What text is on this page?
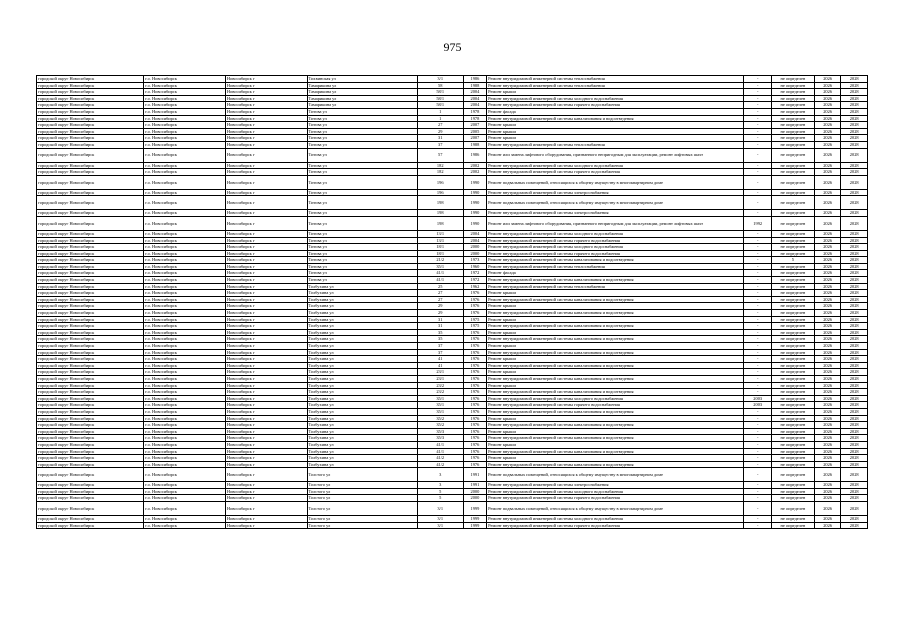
975
городской округ Новосибирск	г.о. Новосибирск	Новосибирск г	Тихвинская ул	3/1	1986	Ремонт внутридомовой инженерной системы теплоснабжения	-	не определен	2026	2028
городской округ Новосибирск	г.о. Новосибирск	Новосибирск г	Тамарикина ул	58	1988	Ремонт внутридомовой инженерной системы теплоснабжения	-	не определен	2026	2028
городской округ Новосибирск	г.о. Новосибирск	Новосибирск г	Тамарикина ул	58/1	2004	Ремонт крыши	-	не определен	2026	2028
городской округ Новосибирск	г.о. Новосибирск	Новосибирск г	Тамарикина ул	58/1	2004	Ремонт внутридомовой инженерной системы холодного водоснабжения	-	не определен	2026	2028
городской округ Новосибирск	г.о. Новосибирск	Новосибирск г	Тамарикина ул	58/1	2004	Ремонт внутридомовой инженерной системы горячего водоснабжения	-	не определен	2026	2028
городской округ Новосибирск	г.о. Новосибирск	Новосибирск г	Титова ул	1	1978	Ремонт фасада	-	не определен	2026	2028
городской округ Новосибирск	г.о. Новосибирск	Новосибирск г	Титова ул	1	1978	Ремонт внутридомовой инженерной системы канализования и водоотведения	-	не определен	2026	2028
городской округ Новосибирск	г.о. Новосибирск	Новосибирск г	Титова ул	27	2007	Ремонт крыши	-	не определен	2026	2028
городской округ Новосибирск	г.о. Новосибирск	Новосибирск г	Титова ул	29	2005	Ремонт крыши	-	не определен	2026	2028
городской округ Новосибирск	г.о. Новосибирск	Новосибирск г	Титова ул	31	2007	Ремонт крыши	-	не определен	2026	2028
городской округ Новосибирск	г.о. Новосибирск	Новосибирск г	Титова ул	37	1988	Ремонт внутридомовой инженерной системы теплоснабжения	-	не определен	2026	2028
городской округ Новосибирск	г.о. Новосибирск	Новосибирск г	Титова ул	57	1986	Ремонт или замена лифтового оборудования, признанного непригодным для эксплуатации, ремонт лифтовых шахт	-	не определен	2026	2028
городской округ Новосибирск	г.о. Новосибирск	Новосибирск г	Титова ул	182	2002	Ремонт внутридомовой инженерной системы холодного водоснабжения	-	не определен	2026	2028
городской округ Новосибирск	г.о. Новосибирск	Новосибирск г	Титова ул	182	2002	Ремонт внутридомовой инженерной системы горячего водоснабжения	-	не определен	2026	2028
городской округ Новосибирск	г.о. Новосибирск	Новосибирск г	Титова ул	196	1990	Ремонт подвальных помещений, относящихся к общему имуществу в многоквартирном доме	-	не определен	2026	2028
городской округ Новосибирск	г.о. Новосибирск	Новосибирск г	Титова ул	196	1990	Ремонт внутридомовой инженерной системы электроснабжения	-	не определен	2026	2028
городской округ Новосибирск	г.о. Новосибирск	Новосибирск г	Титова ул	198	1990	Ремонт подвальных помещений, относящихся к общему имуществу в многоквартирном доме	-	не определен	2026	2028
городской округ Новосибирск	г.о. Новосибирск	Новосибирск г	Титова ул	198	1990	Ремонт внутридомовой инженерной системы электроснабжения	-	не определен	2026	2028
городской округ Новосибирск	г.о. Новосибирск	Новосибирск г	Титова ул	198	1990	Ремонт или замена лифтового оборудования, признанного непригодным для эксплуатации, ремонт лифтовых шахт	1992	не определен	2026	2028
городской округ Новосибирск	г.о. Новосибирск	Новосибирск г	Титова ул	13/1	2004	Ремонт внутридомовой инженерной системы холодного водоснабжения	-	не определен	2026	2028
городской округ Новосибирск	г.о. Новосибирск	Новосибирск г	Титова ул	13/1	2004	Ремонт внутридомовой инженерной системы горячего водоснабжения	-	не определен	2026	2028
городской округ Новосибирск	г.о. Новосибирск	Новосибирск г	Титова ул	18/1	2000	Ремонт внутридомовой инженерной системы холодного водоснабжения	-	не определен	2026	2028
городской округ Новосибирск	г.о. Новосибирск	Новосибирск г	Титова ул	18/1	2000	Ремонт внутридомовой инженерной системы горячего водоснабжения	-	не определен	2026	2028
городской округ Новосибирск	г.о. Новосибирск	Новосибирск г	Титова ул	21/2	1973	Ремонт внутридомовой инженерной системы канализования и водоотведения	-	5	2026	2028
городской округ Новосибирск	г.о. Новосибирск	Новосибирск г	Титова ул	35/1	1960	Ремонт внутридомовой инженерной системы теплоснабжения	-	не определен	2026	2028
городской округ Новосибирск	г.о. Новосибирск	Новосибирск г	Титова ул	41/1	1972	Ремонт фасада	-	не определен	2026	2028
городской округ Новосибирск	г.о. Новосибирск	Новосибирск г	Титова ул	41/1	1972	Ремонт внутридомовой инженерной системы канализования и водоотведения	-	не определен	2026	2028
городской округ Новосибирск	г.о. Новосибирск	Новосибирск г	Толбухина ул	25	1962	Ремонт внутридомовой инженерной системы теплоснабжения	-	не определен	2026	2028
городской округ Новосибирск	г.о. Новосибирск	Новосибирск г	Толбухина ул	27	1976	Ремонт крыши	-	не определен	2026	2028
городской округ Новосибирск	г.о. Новосибирск	Новосибирск г	Толбухина ул	27	1976	Ремонт внутридомовой инженерной системы канализования и водоотведения	-	не определен	2026	2028
городской округ Новосибирск	г.о. Новосибирск	Новосибирск г	Толбухина ул	29	1976	Ремонт крыши	-	не определен	2026	2028
городской округ Новосибирск	г.о. Новосибирск	Новосибирск г	Толбухина ул	29	1976	Ремонт внутридомовой инженерной системы канализования и водоотведения	-	не определен	2026	2028
городской округ Новосибирск	г.о. Новосибирск	Новосибирск г	Толбухина ул	31	1975	Ремонт крыши	-	не определен	2026	2028
городской округ Новосибирск	г.о. Новосибирск	Новосибирск г	Толбухина ул	31	1975	Ремонт внутридомовой инженерной системы канализования и водоотведения	-	не определен	2026	2028
городской округ Новосибирск	г.о. Новосибирск	Новосибирск г	Толбухина ул	35	1976	Ремонт крыши	-	не определен	2026	2028
городской округ Новосибирск	г.о. Новосибирск	Новосибирск г	Толбухина ул	35	1976	Ремонт внутридомовой инженерной системы канализования и водоотведения	-	не определен	2026	2028
городской округ Новосибирск	г.о. Новосибирск	Новосибирск г	Толбухина ул	37	1976	Ремонт крыши	-	не определен	2026	2028
городской округ Новосибирск	г.о. Новосибирск	Новосибирск г	Толбухина ул	37	1976	Ремонт внутридомовой инженерной системы канализования и водоотведения	-	не определен	2026	2028
городской округ Новосибирск	г.о. Новосибирск	Новосибирск г	Толбухина ул	41	1976	Ремонт крыши	-	не определен	2026	2028
городской округ Новосибирск	г.о. Новосибирск	Новосибирск г	Толбухина ул	41	1976	Ремонт внутридомовой инженерной системы канализования и водоотведения	-	не определен	2026	2028
городской округ Новосибирск	г.о. Новосибирск	Новосибирск г	Толбухина ул	23/1	1976	Ремонт крыши	-	не определен	2026	2028
городской округ Новосибирск	г.о. Новосибирск	Новосибирск г	Толбухина ул	23/1	1976	Ремонт внутридомовой инженерной системы канализования и водоотведения	-	не определен	2026	2028
городской округ Новосибирск	г.о. Новосибирск	Новосибирск г	Толбухина ул	23/2	1976	Ремонт крыши	-	не определен	2026	2028
городской округ Новосибирск	г.о. Новосибирск	Новосибирск г	Толбухина ул	23/2	1976	Ремонт внутридомовой инженерной системы канализования и водоотведения	-	не определен	2026	2028
городской округ Новосибирск	г.о. Новосибирск	Новосибирск г	Толбухина ул	35/1	1976	Ремонт внутридомовой инженерной системы холодного водоснабжения	2003	не определен	2026	2028
городской округ Новосибирск	г.о. Новосибирск	Новосибирск г	Толбухина ул	35/1	1976	Ремонт внутридомовой инженерной системы горячего водоснабжения	2003	не определен	2026	2028
городской округ Новосибирск	г.о. Новосибирск	Новосибирск г	Толбухина ул	35/1	1976	Ремонт внутридомовой инженерной системы канализования и водоотведения	-	не определен	2026	2028
городской округ Новосибирск	г.о. Новосибирск	Новосибирск г	Толбухина ул	35/2	1976	Ремонт крыши	-	не определен	2026	2028
городской округ Новосибирск	г.о. Новосибирск	Новосибирск г	Толбухина ул	35/2	1976	Ремонт внутридомовой инженерной системы канализования и водоотведения	-	не определен	2026	2028
городской округ Новосибирск	г.о. Новосибирск	Новосибирск г	Толбухина ул	35/3	1976	Ремонт крыши	-	не определен	2026	2028
городской округ Новосибирск	г.о. Новосибирск	Новосибирск г	Толбухина ул	35/3	1976	Ремонт внутридомовой инженерной системы канализования и водоотведения	-	не определен	2026	2028
городской округ Новосибирск	г.о. Новосибирск	Новосибирск г	Толбухина ул	41/1	1976	Ремонт крыши	-	не определен	2026	2028
городской округ Новосибирск	г.о. Новосибирск	Новосибирск г	Толбухина ул	41/1	1976	Ремонт внутридомовой инженерной системы канализования и водоотведения	-	не определен	2026	2028
городской округ Новосибирск	г.о. Новосибирск	Новосибирск г	Толбухина ул	41/2	1976	Ремонт крыши	-	не определен	2026	2028
городской округ Новосибирск	г.о. Новосибирск	Новосибирск г	Толбухина ул	41/2	1976	Ремонт внутридомовой инженерной системы канализования и водоотведения	-	не определен	2026	2028
городской округ Новосибирск	г.о. Новосибирск	Новосибирск г	Толстого ул	3	1991	Ремонт подвальных помещений, относящихся к общему имуществу в многоквартирном доме	-	не определен	2026	2028
городской округ Новосибирск	г.о. Новосибирск	Новосибирск г	Толстого ул	3	1991	Ремонт внутридомовой инженерной системы электроснабжения	-	не определен	2026	2028
городской округ Новосибирск	г.о. Новосибирск	Новосибирск г	Толстого ул	5	2000	Ремонт внутридомовой инженерной системы холодного водоснабжения	-	не определен	2026	2028
городской округ Новосибирск	г.о. Новосибирск	Новосибирск г	Толстого ул	5	2000	Ремонт внутридомовой инженерной системы горячего водоснабжения	-	не определен	2026	2028
городской округ Новосибирск	г.о. Новосибирск	Новосибирск г	Толстого ул	3/1	1999	Ремонт подвальных помещений, относящихся к общему имуществу в многоквартирном доме	-	не определен	2026	2028
городской округ Новосибирск	г.о. Новосибирск	Новосибирск г	Толстого ул	3/1	1999	Ремонт внутридомовой инженерной системы холодного водоснабжения	-	не определен	2026	2028
городской округ Новосибирск	г.о. Новосибирск	Новосибирск г	Толстого ул	3/1	1999	Ремонт внутридомовой инженерной системы горячего водоснабжения	-	не определен	2026	2028
